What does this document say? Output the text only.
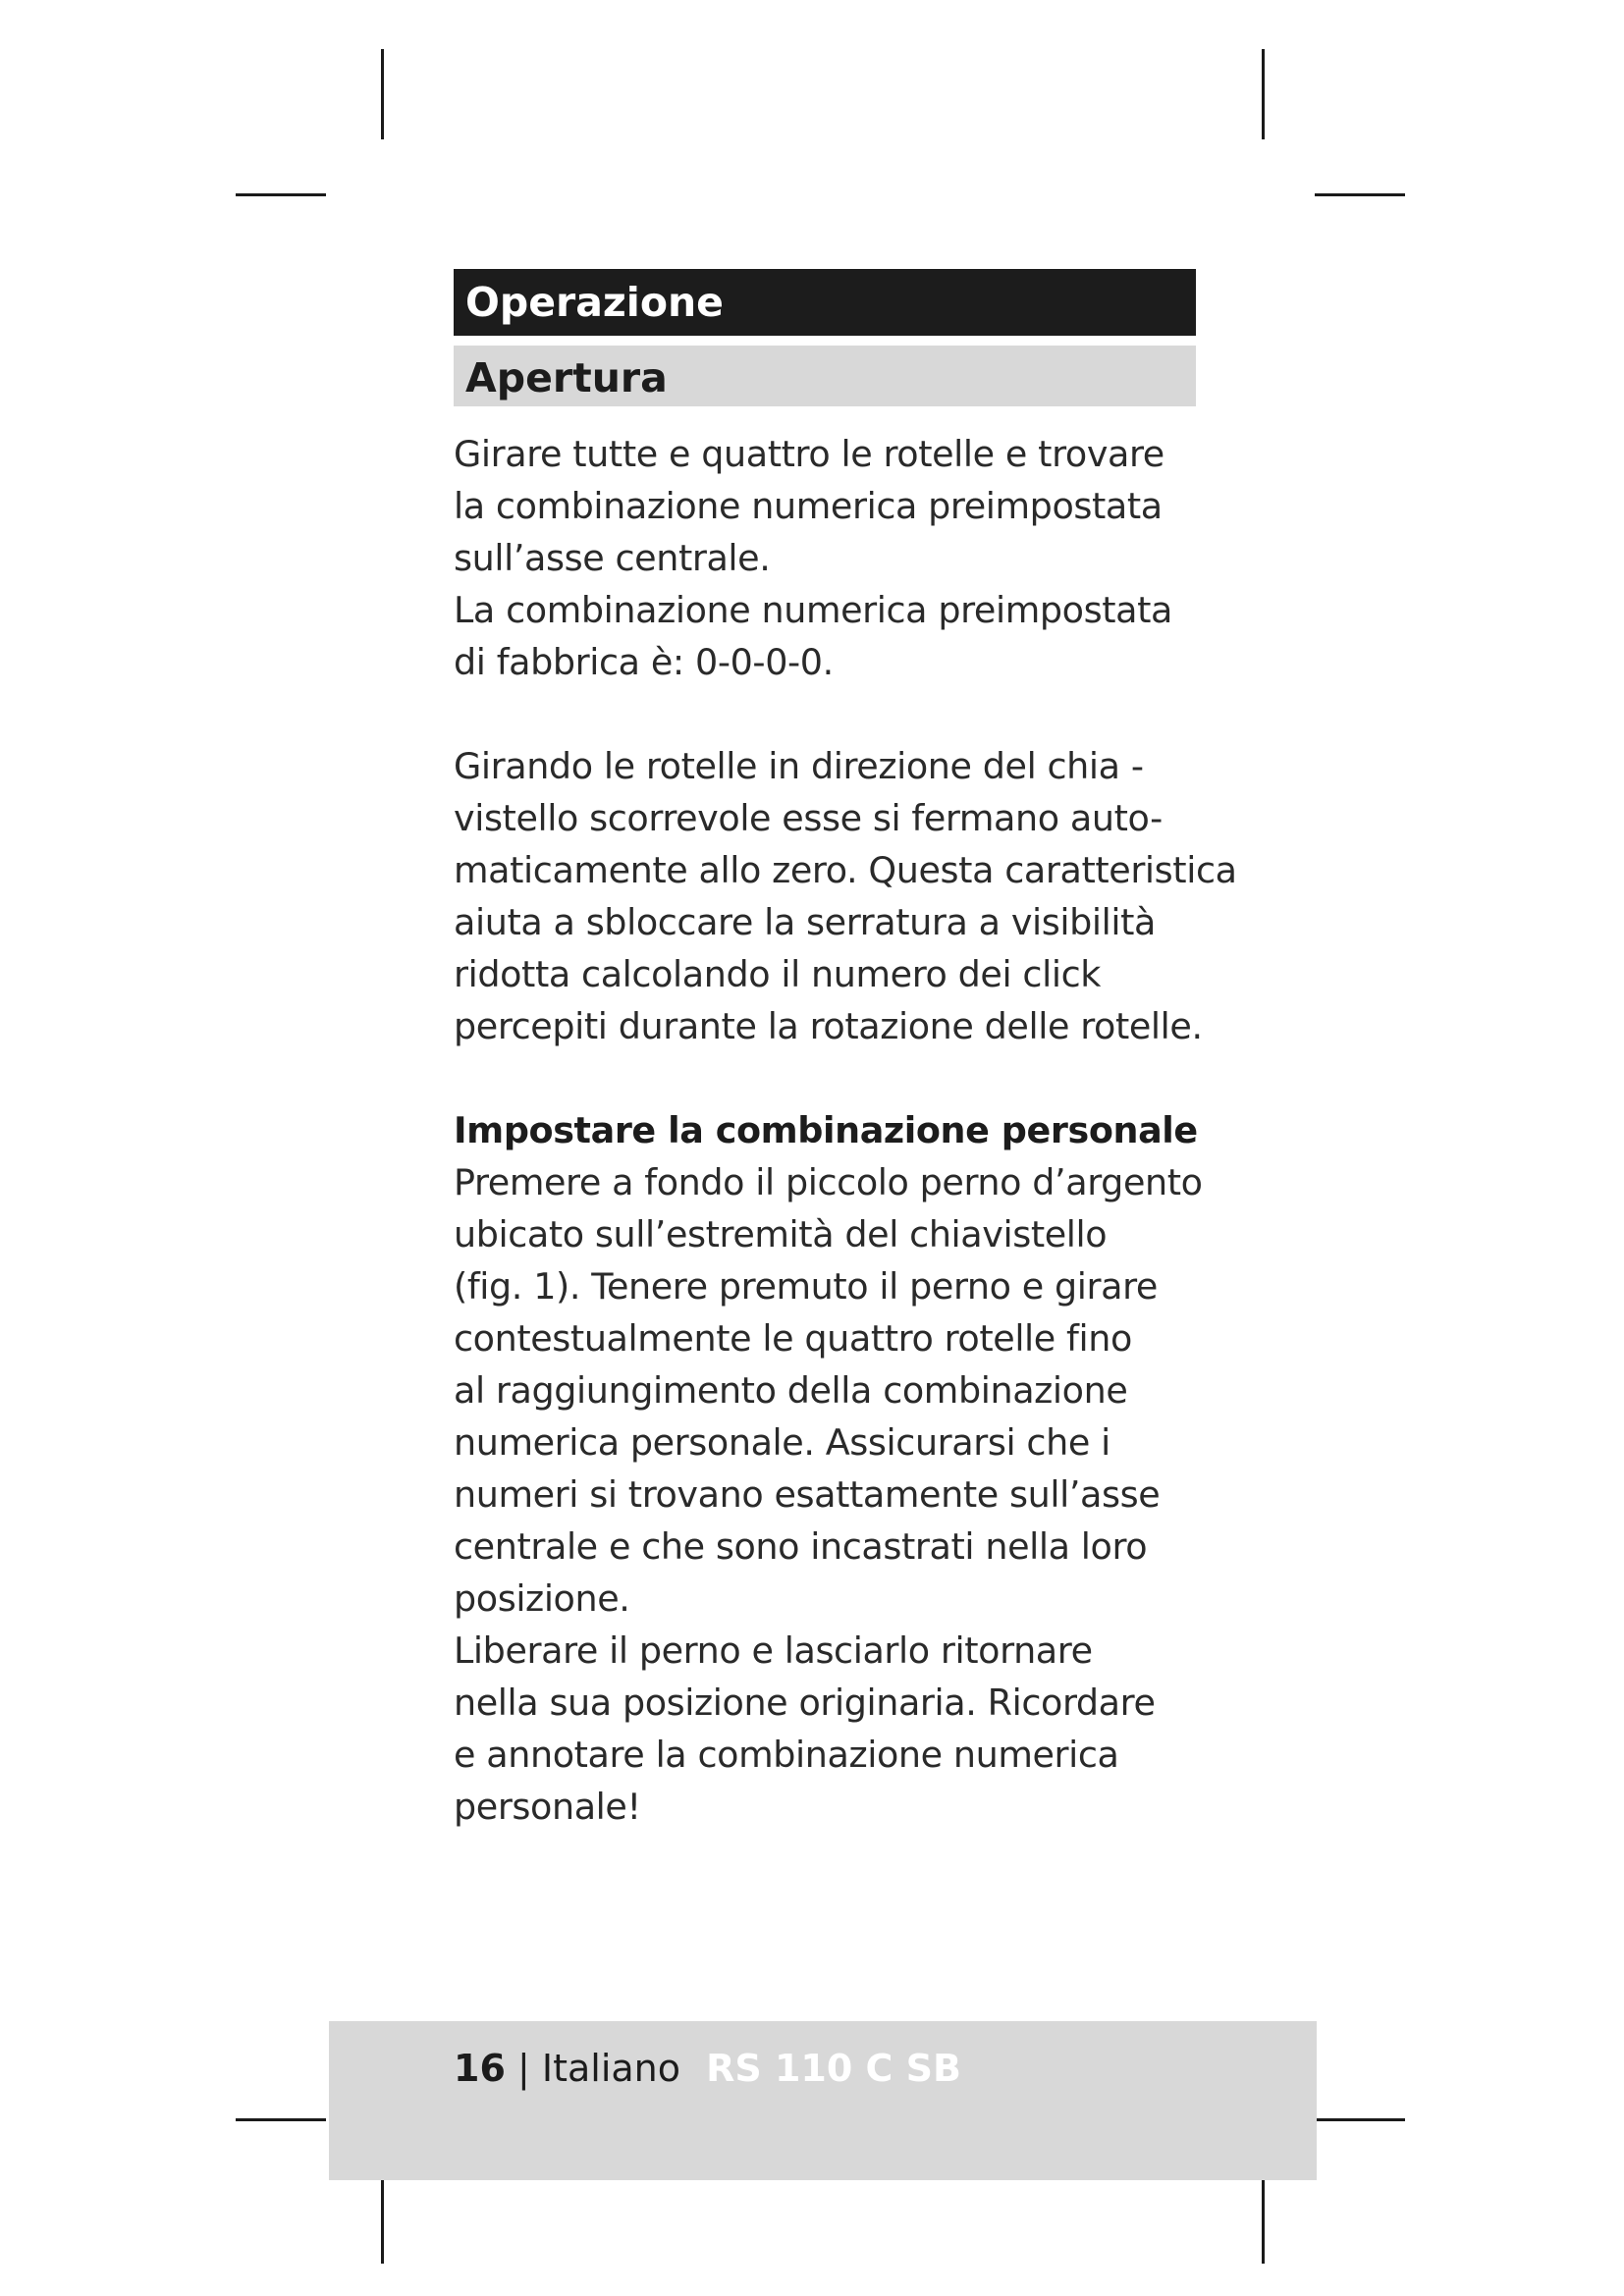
Operazione
Apertura

Girare tutte e quattro le rotelle e trovare
la combinazione numerica preimpostata
sull’asse centrale.
La combinazione numerica preimpostata
di fabbrica è: 0-0-0-0.

Girando le rotelle in direzione del chia -
vistello scorrevole esse si fermano auto-
maticamente allo zero. Questa caratteristica
aiuta a sbloccare la serratura a visibilità
ridotta calcolando il numero dei click
percepiti durante la rotazione delle rotelle.

Impostare la combinazione personale
Premere a fondo il piccolo perno d’argento
ubicato sull’estremità del chiavistello
(fig. 1). Tenere premuto il perno e girare
contestualmente le quattro rotelle fino
al raggiungimento della combinazione
numerica personale. Assicurarsi che i
numeri si trovano esattamente sull’asse
centrale e che sono incastrati nella loro
posizione.
Liberare il perno e lasciarlo ritornare
nella sua posizione originaria. Ricordare
e annotare la combinazione numerica
personale!

16 | Italiano RS 110 C SB
